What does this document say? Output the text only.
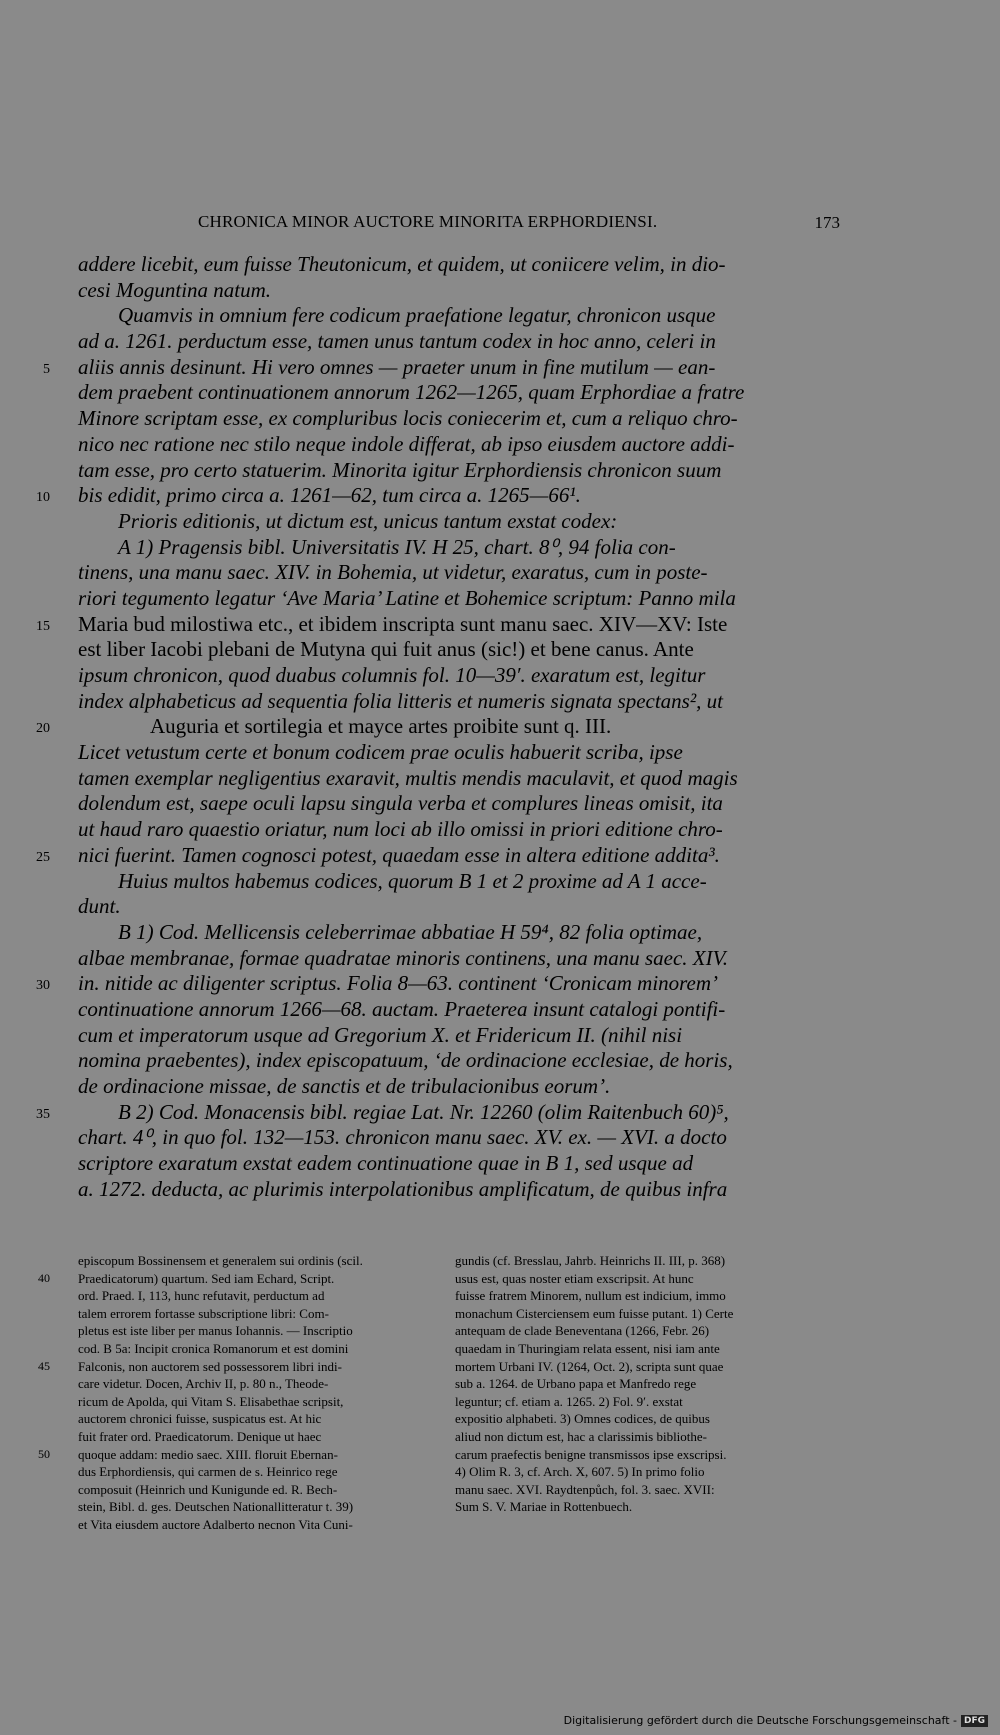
CHRONICA MINOR AUCTORE MINORITA ERPHORDIENSI.	173
addere licebit, eum fuisse Theutonicum, et quidem, ut coniicere velim, in dio-
cesi Moguntina natum.
Quamvis in omnium fere codicum praefatione legatur, chronicon usque
ad a. 1261. perductum esse, tamen unus tantum codex in hoc anno, celeri in
5 aliis annis desinunt. Hi vero omnes — praeter unum in fine mutilum — ean-
dem praebent continuationem annorum 1262—1265, quam Erphordiae a fratre
Minore scriptam esse, ex compluribus locis coniecerim et, cum a reliquo chro-
nico nec ratione nec stilo neque indole differat, ab ipso eiusdem auctore addi-
tam esse, pro certo statuerim. Minorita igitur Erphordiensis chronicon suum
10 bis edidit, primo circa a. 1261—62, tum circa a. 1265—66¹.
Prioris editionis, ut dictum est, unicus tantum exstat codex:
A 1) Pragensis bibl. Universitatis IV. H 25, chart. 8⁰, 94 folia con-
tinens, una manu saec. XIV. in Bohemia, ut videtur, exaratus, cum in poste-
riori tegumento legatur ‘Ave Maria’ Latine et Bohemice scriptum: Panno mila
15 Maria bud milostiwa etc., et ibidem inscripta sunt manu saec. XIV—XV: Iste
est liber Iacobi plebani de Mutyna qui fuit anus (sic!) et bene canus. Ante
ipsum chronicon, quod duabus columnis fol. 10—39′. exaratum est, legitur
index alphabeticus ad sequentia folia litteris et numeris signata spectans², ut
20	Auguria et sortilegia et mayce artes proibite sunt q. III.
Licet vetustum certe et bonum codicem prae oculis habuerit scriba, ipse
tamen exemplar negligentius exaravit, multis mendis maculavit, et quod magis
dolendum est, saepe oculi lapsu singula verba et complures lineas omisit, ita
ut haud raro quaestio oriatur, num loci ab illo omissi in priori editione chro-
25 nici fuerint. Tamen cognosci potest, quaedam esse in altera editione addita³.
Huius multos habemus codices, quorum B 1 et 2 proxime ad A 1 acce-
dunt.
B 1) Cod. Mellicensis celeberrimae abbatiae H 59⁴, 82 folia optimae,
albae membranae, formae quadratae minoris continens, una manu saec. XIV.
30 in. nitide ac diligenter scriptus. Folia 8—63. continent ‘Cronicam minorem’
continuatione annorum 1266—68. auctam. Praeterea insunt catalogi pontifi-
cum et imperatorum usque ad Gregorium X. et Fridericum II. (nihil nisi
nomina praebentes), index episcopatuum, ‘de ordinacione ecclesiae, de horis,
de ordinacione missae, de sanctis et de tribulacionibus eorum’.
35	B 2) Cod. Monacensis bibl. regiae Lat. Nr. 12260 (olim Raitenbuch 60)⁵,
chart. 4⁰, in quo fol. 132—153. chronicon manu saec. XV. ex. — XVI. a docto
scriptore exaratum exstat eadem continuatione quae in B 1, sed usque ad
a. 1272. deducta, ac plurimis interpolationibus amplificatum, de quibus infra
episcopum Bossinensem et generalem sui ordinis (scil.
40 Praedicatorum) quartum. Sed iam Echard, Script.
ord. Praed. I, 113, hunc refutavit, perductum ad
talem errorem fortasse subscriptione libri: Com-
pletus est iste liber per manus Iohannis. — Inscriptio
cod. B 5a: Incipit cronica Romanorum et est domini
45 Falconis, non auctorem sed possessorem libri indi-
care videtur. Docen, Archiv II, p. 80 n., Theode-
ricum de Apolda, qui Vitam S. Elisabethae scripsit,
auctorem chronici fuisse, suspicatus est. At hic
fuit frater ord. Praedicatorum. Denique ut haec
50 quoque addam: medio saec. XIII. floruit Ebernan-
dus Erphordiensis, qui carmen de s. Heinrico rege
composuit (Heinrich und Kunigunde ed. R. Bech-
stein, Bibl. d. ges. Deutschen Nationallitteratur t. 39)
et Vita eiusdem auctore Adalberto necnon Vita Cuni-
gundis (cf. Bresslau, Jahrb. Heinrichs II. III, p. 368)
usus est, quas noster etiam exscripsit. At hunc
fuisse fratrem Minorem, nullum est indicium, immo
monachum Cisterciensem eum fuisse putant. 1) Certe
antequam de clade Beneventana (1266, Febr. 26)
quaedam in Thuringiam relata essent, nisi iam ante
mortem Urbani IV. (1264, Oct. 2), scripta sunt quae
sub a. 1264. de Urbano papa et Manfredo rege
leguntur; cf. etiam a. 1265. 2) Fol. 9′. exstat
expositio alphabeti. 3) Omnes codices, de quibus
aliud non dictum est, hac a clarissimis bibliothe-
carum praefectis benigne transmissos ipse exscripsi.
4) Olim R. 3, cf. Arch. X, 607. 5) In primo folio
manu saec. XVI. Raydtenpůch, fol. 3. saec. XVII:
Sum S. V. Mariae in Rottenbuech.
Digitalisierung gefördert durch die Deutsche Forschungsgemeinschaft - DFG
